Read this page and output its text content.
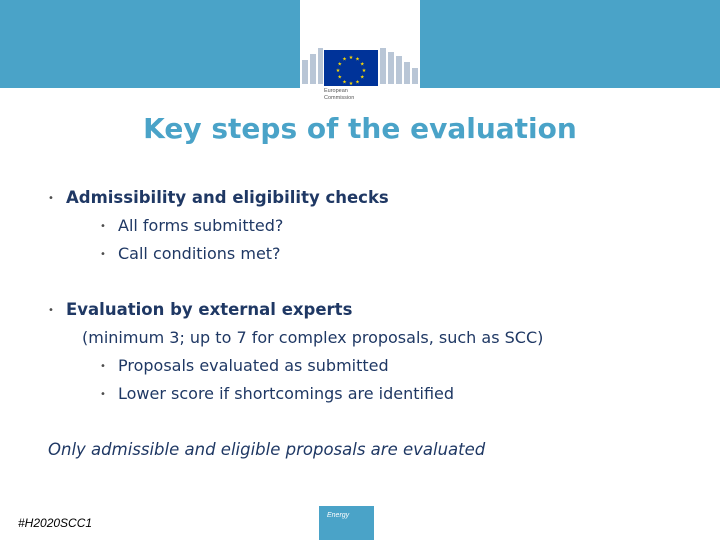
★ ★
★
★
★
★
★
★
★
★
★
★
European
Commission
Key steps of the evaluation
• Admissibility and eligibility checks
• All forms submitted?
• Call conditions met?
• Evaluation by external experts
(minimum 3; up to 7 for complex proposals, such as SCC)
• Proposals evaluated as submitted
• Lower score if shortcomings are identified
Only admissible and eligible proposals are evaluated
#H2020SCC1
Energy
